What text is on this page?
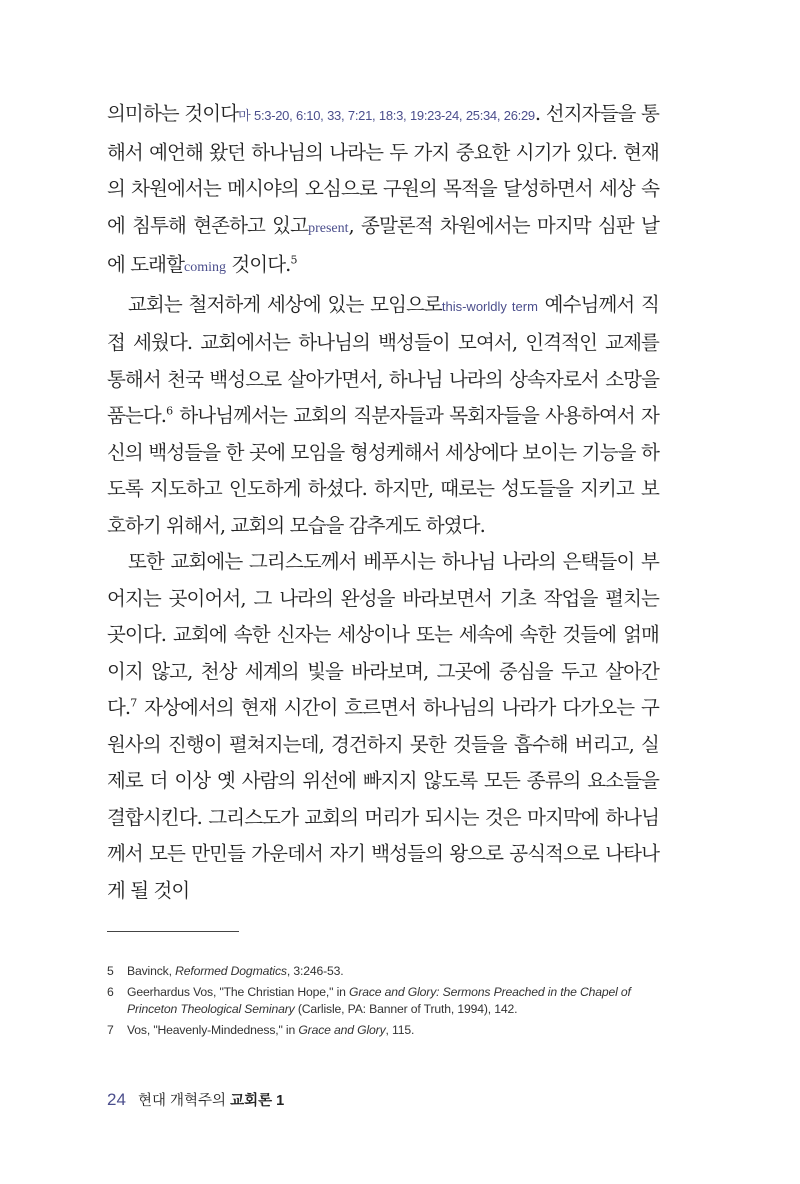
의미하는 것이다마 5:3-20, 6:10, 33, 7:21, 18:3, 19:23-24, 25:34, 26:29. 선지자들을 통해서 예언해 왔던 하나님의 나라는 두 가지 중요한 시기가 있다. 현재의 차원에서는 메시야의 오심으로 구원의 목적을 달성하면서 세상 속에 침투해 현존하고 있고present, 종말론적 차원에서는 마지막 심판 날에 도래할coming 것이다.$^5$

교회는 철저하게 세상에 있는 모임으로this-worldly term 예수님께서 직접 세웠다. 교회에서는 하나님의 백성들이 모여서, 인격적인 교제를 통해서 천국 백성으로 살아가면서, 하나님 나라의 상속자로서 소망을 품는다.$^6$ 하나님께서는 교회의 직분자들과 목회자들을 사용하여서 자신의 백성들을 한 곳에 모임을 형성케해서 세상에다 보이는 기능을 하도록 지도하고 인도하게 하셨다. 하지만, 때로는 성도들을 지키고 보호하기 위해서, 교회의 모습을 감추게도 하였다.

또한 교회에는 그리스도께서 베푸시는 하나님 나라의 은택들이 부어지는 곳이어서, 그 나라의 완성을 바라보면서 기초 작업을 펼치는 곳이다. 교회에 속한 신자는 세상이나 또는 세속에 속한 것들에 얽매이지 않고, 천상 세계의 빛을 바라보며, 그곳에 중심을 두고 살아간다.$^7$ 자상에서의 현재 시간이 흐르면서 하나님의 나라가 다가오는 구원사의 진행이 펼쳐지는데, 경건하지 못한 것들을 흡수해 버리고, 실제로 더 이상 옛 사람의 위선에 빠지지 않도록 모든 종류의 요소들을 결합시킨다. 그리스도가 교회의 머리가 되시는 것은 마지막에 하나님께서 모든 만민들 가운데서 자기 백성들의 왕으로 공식적으로 나타나게 될 것이

5	Bavinck, Reformed Dogmatics, 3:246-53.
6	Geerhardus Vos, "The Christian Hope," in Grace and Glory: Sermons Preached in the Chapel of Princeton Theological Seminary (Carlisle, PA: Banner of Truth, 1994), 142.
7	Vos, "Heavenly-Mindedness," in Grace and Glory, 115.
24 현대 개혁주의 교회론 1
